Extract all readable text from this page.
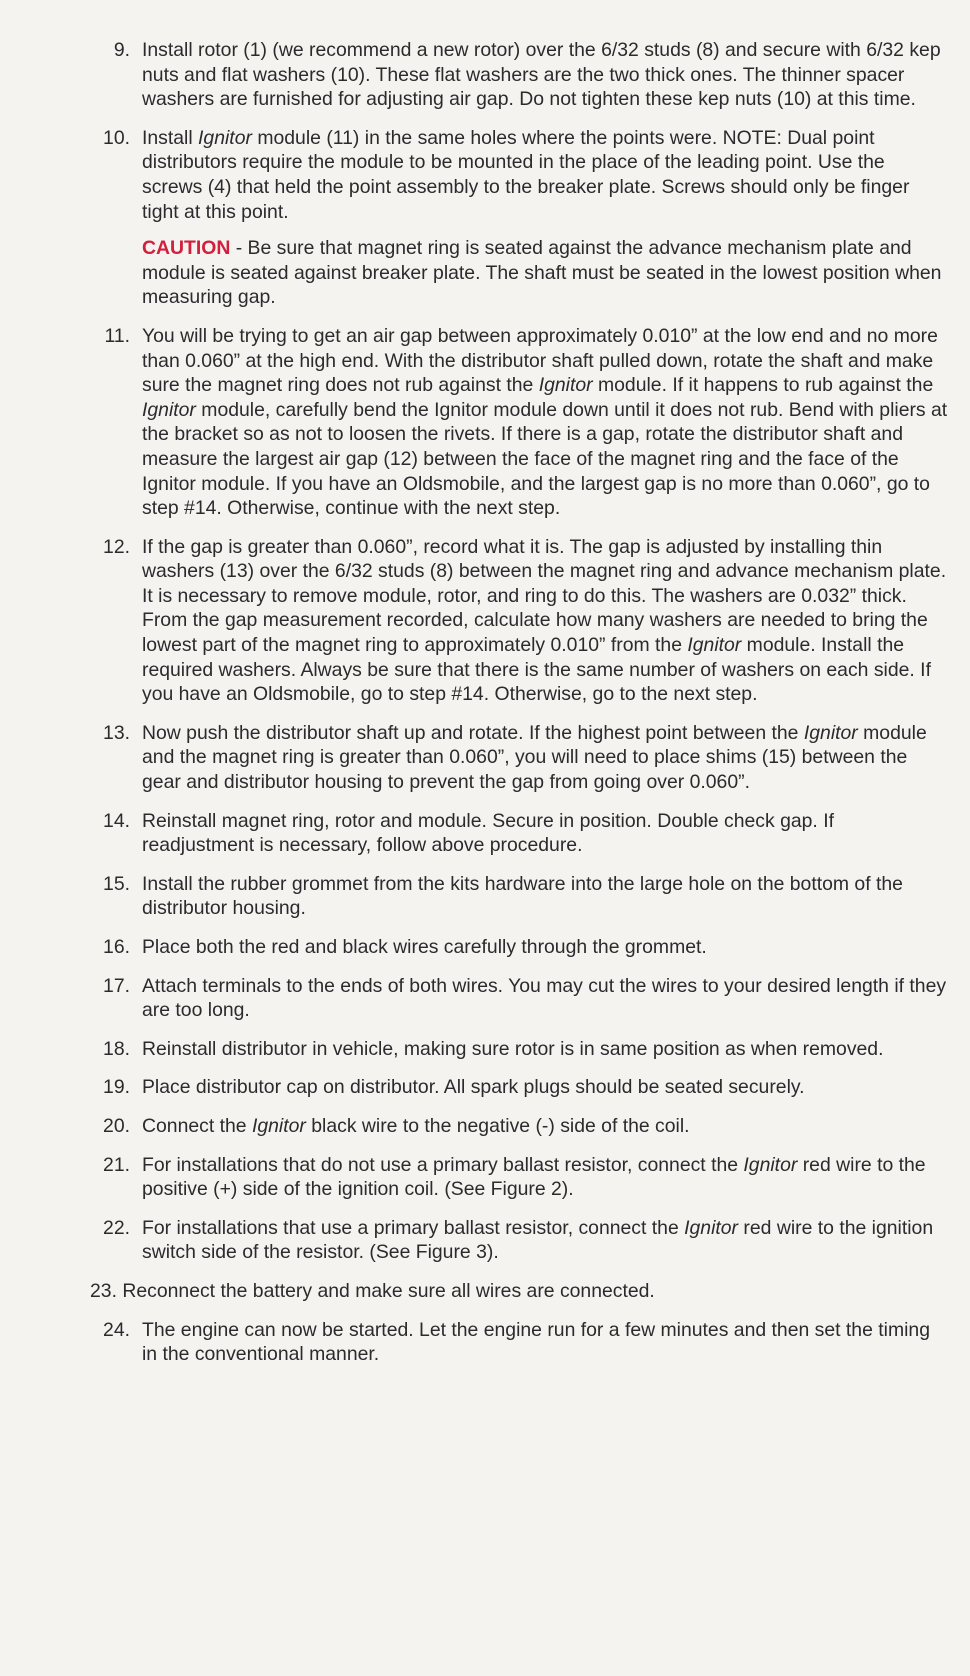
9. Install rotor (1) (we recommend a new rotor) over the 6/32 studs (8) and secure with 6/32 kep nuts and flat washers (10). These flat washers are the two thick ones. The thinner spacer washers are furnished for adjusting air gap. Do not tighten these kep nuts (10) at this time.
10. Install Ignitor module (11) in the same holes where the points were. NOTE: Dual point distributors require the module to be mounted in the place of the leading point. Use the screws (4) that held the point assembly to the breaker plate. Screws should only be finger tight at this point.
CAUTION - Be sure that magnet ring is seated against the advance mechanism plate and module is seated against breaker plate. The shaft must be seated in the lowest position when measuring gap.
11. You will be trying to get an air gap between approximately 0.010” at the low end and no more than 0.060” at the high end. With the distributor shaft pulled down, rotate the shaft and make sure the magnet ring does not rub against the Ignitor module. If it happens to rub against the Ignitor module, carefully bend the Ignitor module down until it does not rub. Bend with pliers at the bracket so as not to loosen the rivets. If there is a gap, rotate the distributor shaft and measure the largest air gap (12) between the face of the magnet ring and the face of the Ignitor module. If you have an Oldsmobile, and the largest gap is no more than 0.060”, go to step #14. Otherwise, continue with the next step.
12. If the gap is greater than 0.060”, record what it is. The gap is adjusted by installing thin washers (13) over the 6/32 studs (8) between the magnet ring and advance mechanism plate. It is necessary to remove module, rotor, and ring to do this. The washers are 0.032” thick. From the gap measurement recorded, calculate how many washers are needed to bring the lowest part of the magnet ring to approximately 0.010” from the Ignitor module. Install the required washers. Always be sure that there is the same number of washers on each side. If you have an Oldsmobile, go to step #14. Otherwise, go to the next step.
13. Now push the distributor shaft up and rotate. If the highest point between the Ignitor module and the magnet ring is greater than 0.060”, you will need to place shims (15) between the gear and distributor housing to prevent the gap from going over 0.060”.
14. Reinstall magnet ring, rotor and module. Secure in position. Double check gap. If readjustment is necessary, follow above procedure.
15. Install the rubber grommet from the kits hardware into the large hole on the bottom of the distributor housing.
16. Place both the red and black wires carefully through the grommet.
17. Attach terminals to the ends of both wires. You may cut the wires to your desired length if they are too long.
18. Reinstall distributor in vehicle, making sure rotor is in same position as when removed.
19. Place distributor cap on distributor. All spark plugs should be seated securely.
20. Connect the Ignitor black wire to the negative (-) side of the coil.
21. For installations that do not use a primary ballast resistor, connect the Ignitor red wire to the positive (+) side of the ignition coil. (See Figure 2).
22. For installations that use a primary ballast resistor, connect the Ignitor red wire to the ignition switch side of the resistor. (See Figure 3).
23. Reconnect the battery and make sure all wires are connected.
24. The engine can now be started. Let the engine run for a few minutes and then set the timing in the conventional manner.
